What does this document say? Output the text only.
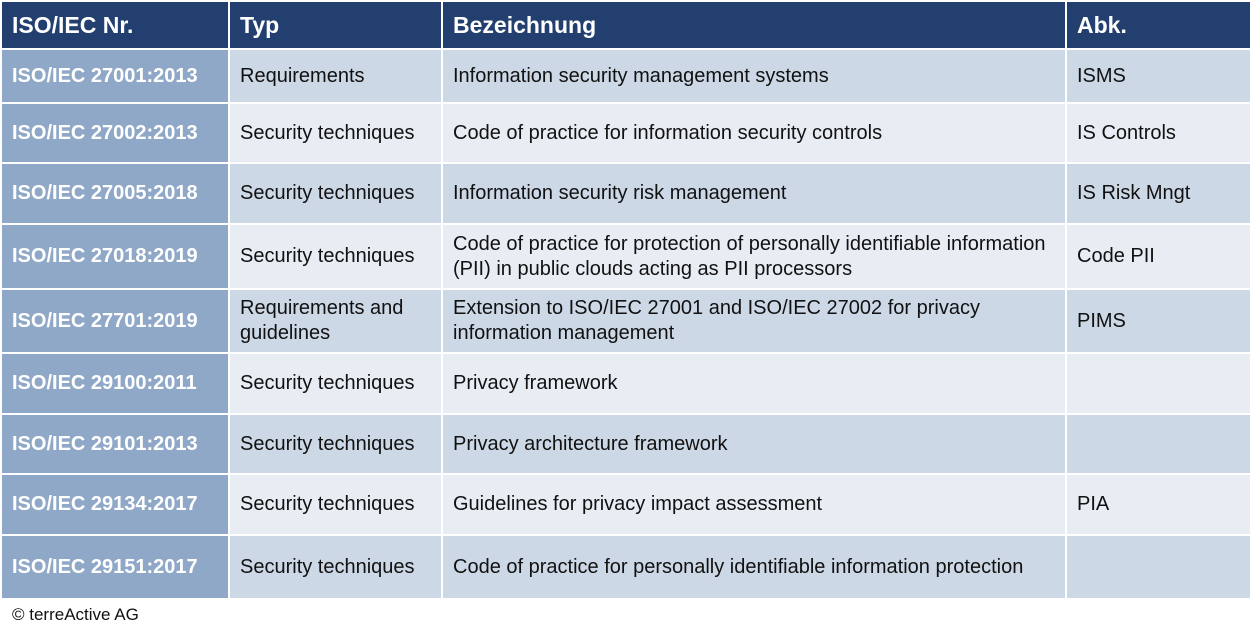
ISO/IEC Nr.	Typ	Bezeichnung	Abk.
ISO/IEC 27001:2013	Requirements	Information security management systems	ISMS
ISO/IEC 27002:2013	Security techniques	Code of practice for information security controls	IS Controls
ISO/IEC 27005:2018	Security techniques	Information security risk management	IS Risk Mngt
ISO/IEC 27018:2019	Security techniques	Code of practice for protection of personally identifiable information (PII) in public clouds acting as PII processors	Code PII
ISO/IEC 27701:2019	Requirements and guidelines	Extension to ISO/IEC 27001 and ISO/IEC 27002 for privacy information management	PIMS
ISO/IEC 29100:2011	Security techniques	Privacy framework	
ISO/IEC 29101:2013	Security techniques	Privacy architecture framework	
ISO/IEC 29134:2017	Security techniques	Guidelines for privacy impact assessment	PIA
ISO/IEC 29151:2017	Security techniques	Code of practice for personally identifiable information protection	
© terreActive AG
